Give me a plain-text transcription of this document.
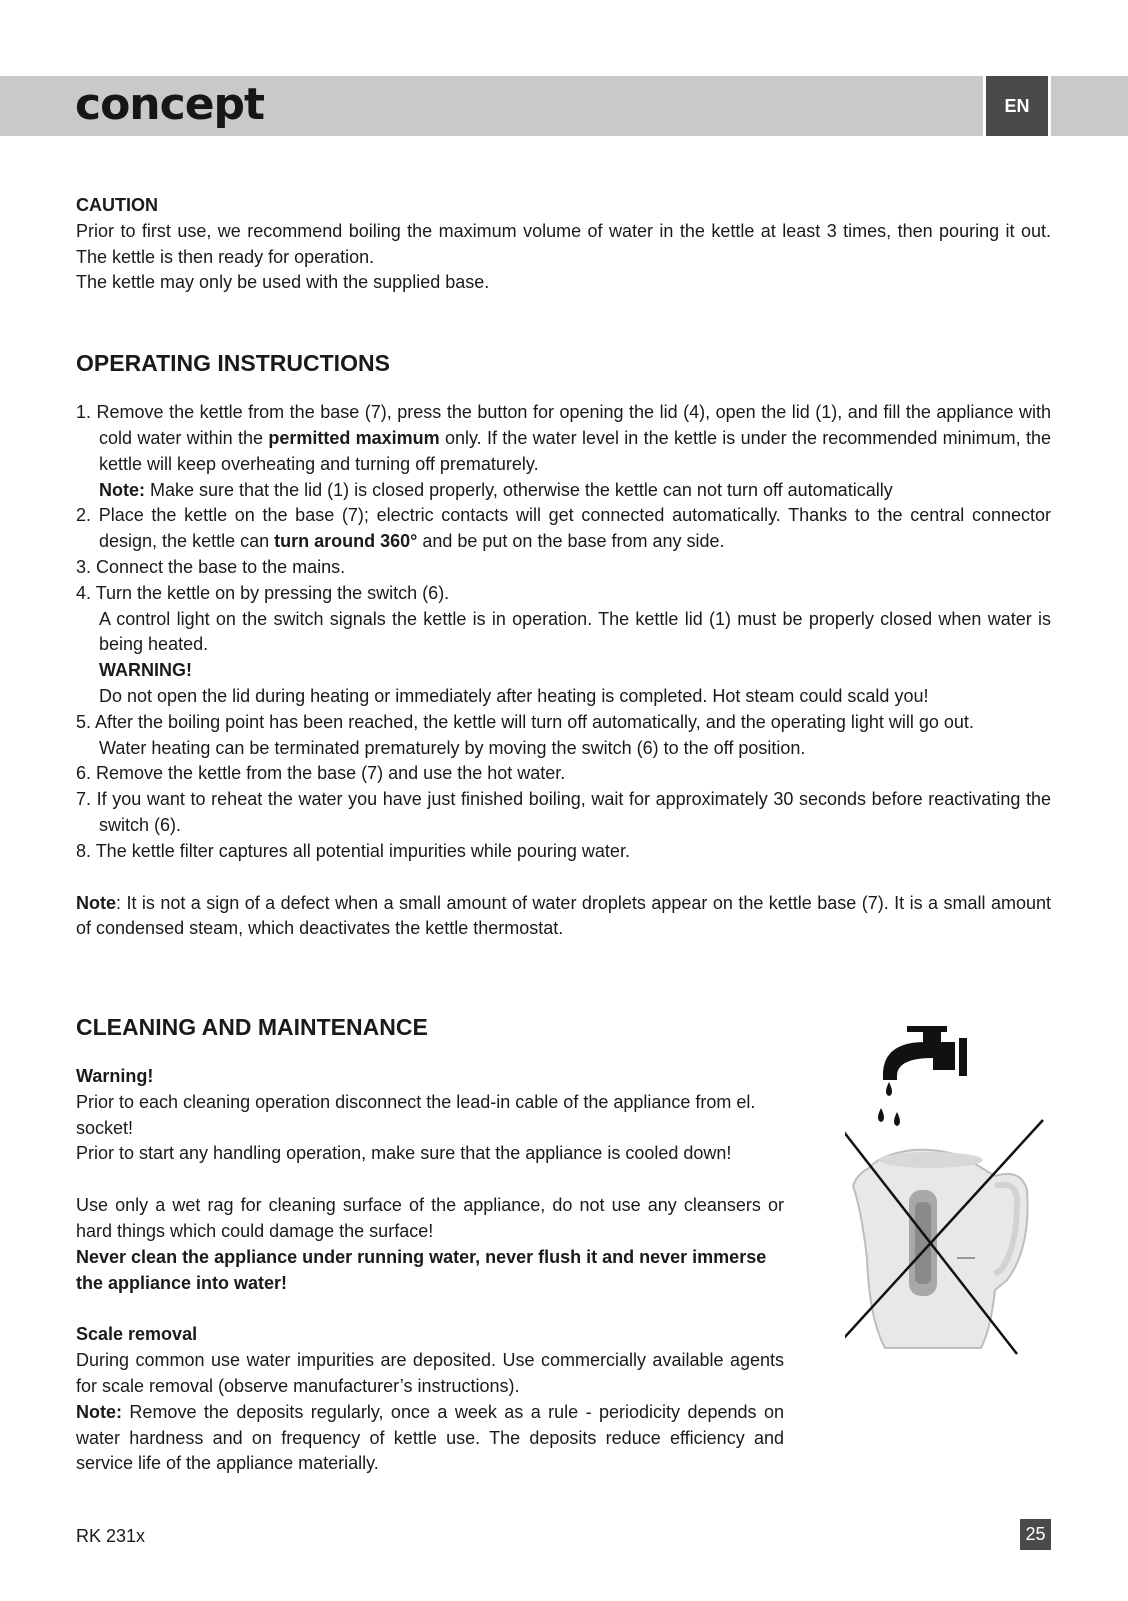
concept	EN

CAUTION

Prior to first use, we recommend boiling the maximum volume of water in the kettle at least 3 times, then pouring it out. The kettle is then ready for operation.

The kettle may only be used with the supplied base.

OPERATING INSTRUCTIONS

1. Remove the kettle from the base (7), press the button for opening the lid (4), open the lid (1), and fill the appliance with cold water within the permitted maximum only. If the water level in the kettle is under the recommended minimum, the kettle will keep overheating and turning off prematurely.
Note: Make sure that the lid (1) is closed properly, otherwise the kettle can not turn off automatically
2. Place the kettle on the base (7); electric contacts will get connected automatically. Thanks to the central connector design, the kettle can turn around 360° and be put on the base from any side.
3. Connect the base to the mains.
4. Turn the kettle on by pressing the switch (6).
A control light on the switch signals the kettle is in operation. The kettle lid (1) must be properly closed when water is being heated.
WARNING!
Do not open the lid during heating or immediately after heating is completed. Hot steam could scald you!
5. After the boiling point has been reached, the kettle will turn off automatically, and the operating light will go out.
Water heating can be terminated prematurely by moving the switch (6) to the off position.
6. Remove the kettle from the base (7) and use the hot water.
7. If you want to reheat the water you have just finished boiling, wait for approximately 30 seconds before reactivating the switch (6).
8. The kettle filter captures all potential impurities while pouring water.

Note: It is not a sign of a defect when a small amount of water droplets appear on the kettle base (7). It is a small amount of condensed steam, which deactivates the kettle thermostat.

CLEANING AND MAINTENANCE

Warning!

Prior to each cleaning operation disconnect the lead-in cable of the appliance from el. socket!

Prior to start any handling operation, make sure that the appliance is cooled down!

Use only a wet rag for cleaning surface of the appliance, do not use any cleansers or hard things which could damage the surface!

Never clean the appliance under running water, never flush it and never immerse the appliance into water!

Scale removal

During common use water impurities are deposited. Use commercially available agents for scale removal (observe manufacturer’s instructions).

Note: Remove the deposits regularly, once a week as a rule - periodicity depends on water hardness and on frequency of kettle use. The deposits reduce efficiency and service life of the appliance materially.

RK 231x	25
